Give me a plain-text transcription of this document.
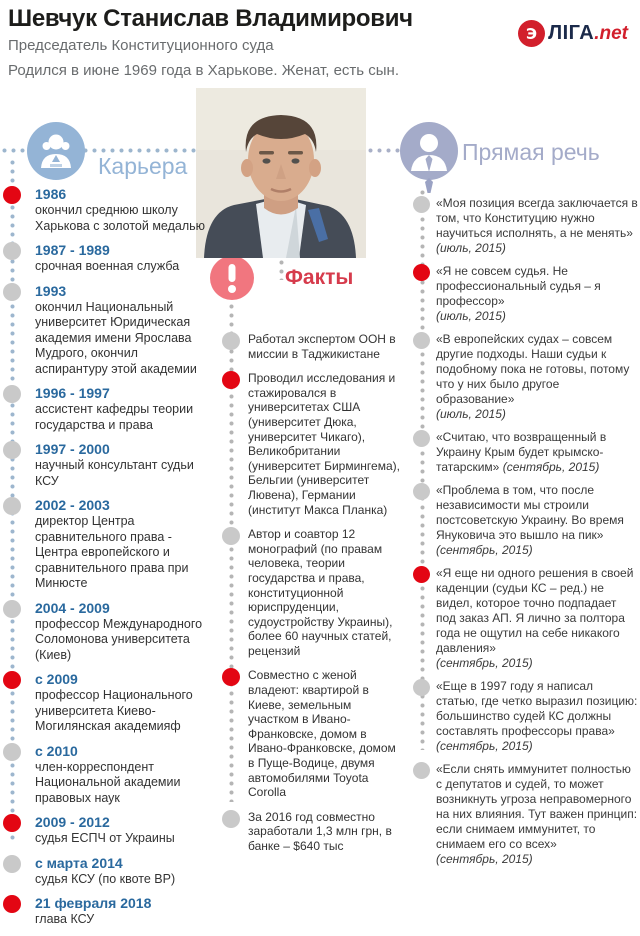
Шевчук Станислав Владимирович
Председатель Конституционного суда
Родился в июне 1969 года в Харькове. Женат, есть сын.
Э ЛІГА .net
Карьера
Прямая речь
Факты
1986
окончил среднюю школу Харькова с золотой медалью
1987 - 1989
срочная военная служба
1993
окончил Национальный университет Юридическая академия имени Ярослава Мудрого, окончил аспирантуру этой академии
1996 - 1997
ассистент кафедры теории государства и права
1997 - 2000
научный консультант судьи КСУ
2002 - 2003
директор Центра сравнительного права - Центра европейского и сравнительного права при Минюсте
2004 - 2009
профессор Международного Соломонова университета (Киев)
с 2009
профессор Национального университета Киево-Могилянская академияф
с 2010
член-корреспондент Национальной академии правовых наук
2009 - 2012
судья ЕСПЧ от Украины
с марта 2014
судья КСУ (по квоте ВР)
21 февраля 2018
глава КСУ
Работал экспертом ООН в миссии в Таджикистане
Проводил исследования и стажировался в университетах США (университет Дюка, университет Чикаго), Великобритании (университет Бирмингема), Бельгии (университет Лювена), Германии (институт Макса Планка)
Автор и соавтор 12 монографий (по правам человека, теории государства и права, конституционной юриспруденции, судоустройству Украины), более 60 научных статей, рецензий
Совместно с женой владеют: квартирой в Киеве, земельным участком в Ивано-Франковске, домом в Ивано-Франковске, домом в Пуще-Водице, двумя автомобилями Toyota Corolla
За 2016 год совместно заработали 1,3 млн грн, в банке – $640 тыс
«Моя позиция всегда заключается в том, что Конституцию нужно научиться исполнять, а не менять»
(июль, 2015)
«Я не совсем судья. Не профессиональный судья – я профессор»
(июль, 2015)
«В европейских судах – совсем другие подходы. Наши судьи к подобному пока не готовы, потому что у них было другое образование»
(июль, 2015)
«Считаю, что возвращенный в Украину Крым будет крымско-татарским» (сентябрь, 2015)
«Проблема в том, что после независимости мы строили постсоветскую Украину. Во время Януковича это вышло на пик»
(сентябрь, 2015)
«Я еще ни одного решения в своей каденции (судьи КС – ред.) не видел, которое точно подпадает под заказ АП. Я лично за полтора года не ощутил на себе никакого давления»
(сентябрь, 2015)
«Еще в 1997 году я написал статью, где четко выразил позицию: большинство судей КС должны составлять профессоры права»
(сентябрь, 2015)
«Если снять иммунитет полностью с депутатов и судей, то может возникнуть угроза неправомерного на них влияния. Тут важен принцип: если снимаем иммунитет, то снимаем его со всех»
(сентябрь, 2015)
